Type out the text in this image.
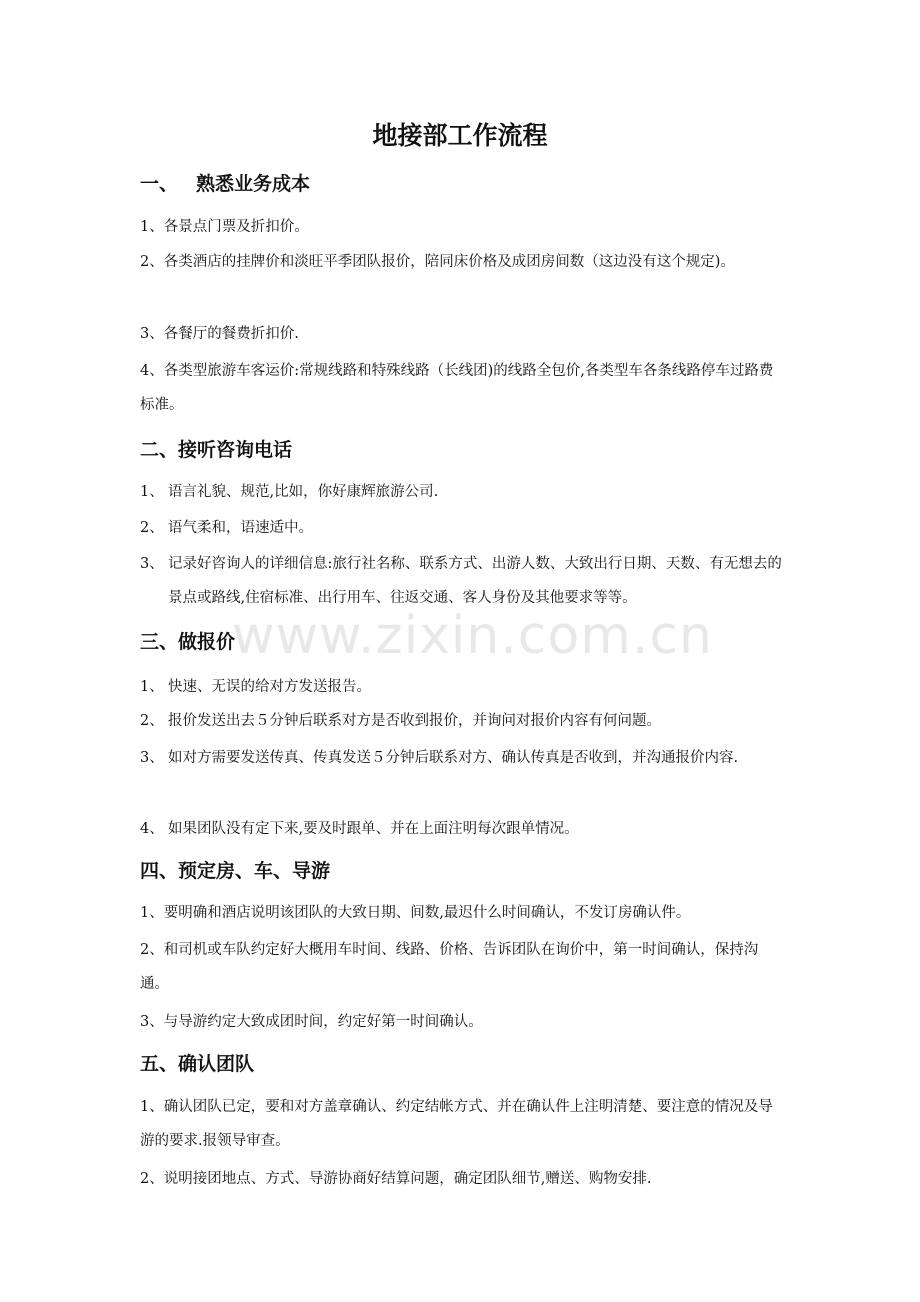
www.zixin.com.cn
地接部工作流程
一、 熟悉业务成本

1、各景点门票及折扣价。

2、各类酒店的挂牌价和淡旺平季团队报价，陪同床价格及成团房间数（这边没有这个规定)。

3、各餐厅的餐费折扣价.

4、各类型旅游车客运价:常规线路和特殊线路（长线团)的线路全包价,各类型车各条线路停车过路费标准。

二、接听咨询电话

1、 语言礼貌、规范,比如，你好康辉旅游公司.

2、 语气柔和，语速适中。

3、 记录好咨询人的详细信息:旅行社名称、联系方式、出游人数、大致出行日期、天数、有无想去的景点或路线,住宿标准、出行用车、往返交通、客人身份及其他要求等等。

三、做报价

1、 快速、无误的给对方发送报告。

2、 报价发送出去５分钟后联系对方是否收到报价，并询问对报价内容有何问题。

3、 如对方需要发送传真、传真发送５分钟后联系对方、确认传真是否收到，并沟通报价内容.

4、 如果团队没有定下来,要及时跟单、并在上面注明每次跟单情况。

四、预定房、车、导游

1、要明确和酒店说明该团队的大致日期、间数,最迟什么时间确认，不发订房确认件。

2、和司机或车队约定好大概用车时间、线路、价格、告诉团队在询价中，第一时间确认，保持沟通。

3、与导游约定大致成团时间，约定好第一时间确认。

五、确认团队

1、确认团队已定，要和对方盖章确认、约定结帐方式、并在确认件上注明清楚、要注意的情况及导游的要求.报领导审查。

2、说明接团地点、方式、导游协商好结算问题，确定团队细节,赠送、购物安排.
